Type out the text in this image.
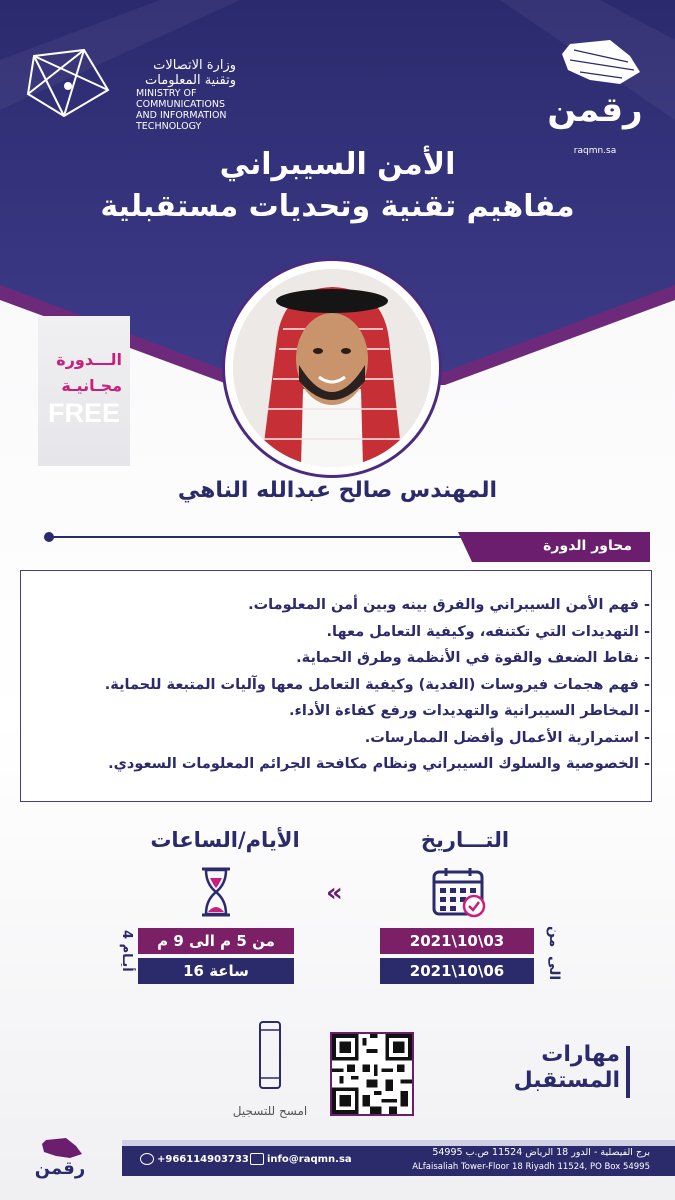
وزارة الاتصالات
وتقنية المعلومات
MINISTRY OF COMMUNICATIONS
AND INFORMATION TECHNOLOGY	رقمن
raqmn.sa
الأمن السيبراني
مفاهيم تقنية وتحديات مستقبلية
الـــدورة
مجـانيـة
FREE
المهندس صالح عبدالله الناهي
محاور الدورة
- فهم الأمن السيبراني والفرق بينه وبين أمن المعلومات.
- التهديدات التي تكتنفه، وكيفية التعامل معها.
- نقاط الضعف والقوة في الأنظمة وطرق الحماية.
- فهم هجمات فيروسات (الفدية) وكيفية التعامل معها وآليات المتبعة للحماية.
- المخاطر السيبرانية والتهديدات ورفع كفاءة الأداء.
- استمرارية الأعمال وأفضل الممارسات.
- الخصوصية والسلوك السيبراني ونظام مكافحة الجرائم المعلومات السعودي.
التـــاريخ
الأيام/الساعات
«
2021\10\03
2021\10\06
من 5 م الى 9 م
16 ساعة
من
الى
4 أيـام
امسح للتسجيل
مهارات
المستقبل
برج الفيصلية - الدور 18 الرياض 11524 ص.ب 54995
ALfaisaliah Tower-Floor 18 Riyadh 11524, PO Box 54995
info@raqmn.sa
+966114903733
رقمن
